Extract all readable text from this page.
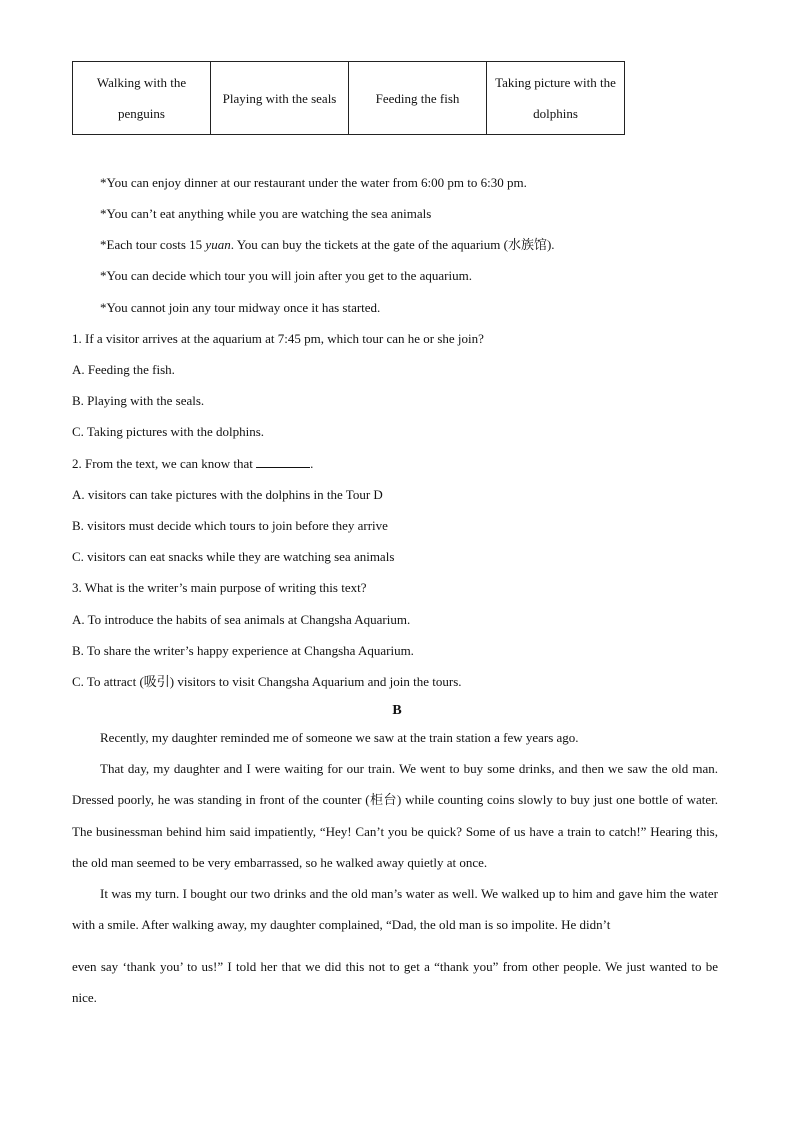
Walking with the penguins	Playing with the seals	Feeding the fish	Taking picture with the dolphins
*You can enjoy dinner at our restaurant under the water from 6:00 pm to 6:30 pm.
*You can’t eat anything while you are watching the sea animals
*Each tour costs 15 yuan. You can buy the tickets at the gate of the aquarium (水族馆).
*You can decide which tour you will join after you get to the aquarium.
*You cannot join any tour midway once it has started.
1. If a visitor arrives at the aquarium at 7:45 pm, which tour can he or she join?
A. Feeding the fish.
B. Playing with the seals.
C. Taking pictures with the dolphins.
2. From the text, we can know that	.
A. visitors can take pictures with the dolphins in the Tour D
B. visitors must decide which tours to join before they arrive
C. visitors can eat snacks while they are watching sea animals
3. What is the writer’s main purpose of writing this text?
A. To introduce the habits of sea animals at Changsha Aquarium.
B. To share the writer’s happy experience at Changsha Aquarium.
C. To attract (吸引) visitors to visit Changsha Aquarium and join the tours.
B
Recently, my daughter reminded me of someone we saw at the train station a few years ago.
That day, my daughter and I were waiting for our train. We went to buy some drinks, and then we saw the old man. Dressed poorly, he was standing in front of the counter (柜台) while counting coins slowly to buy just one bottle of water. The businessman behind him said impatiently, “Hey! Can’t you be quick? Some of us have a train to catch!” Hearing this, the old man seemed to be very embarrassed, so he walked away quietly at once.
It was my turn. I bought our two drinks and the old man’s water as well. We walked up to him and gave him the water with a smile. After walking away, my daughter complained, “Dad, the old man is so impolite. He didn’t
even say ‘thank you’ to us!” I told her that we did this not to get a “thank you” from other people. We just wanted to be nice.
